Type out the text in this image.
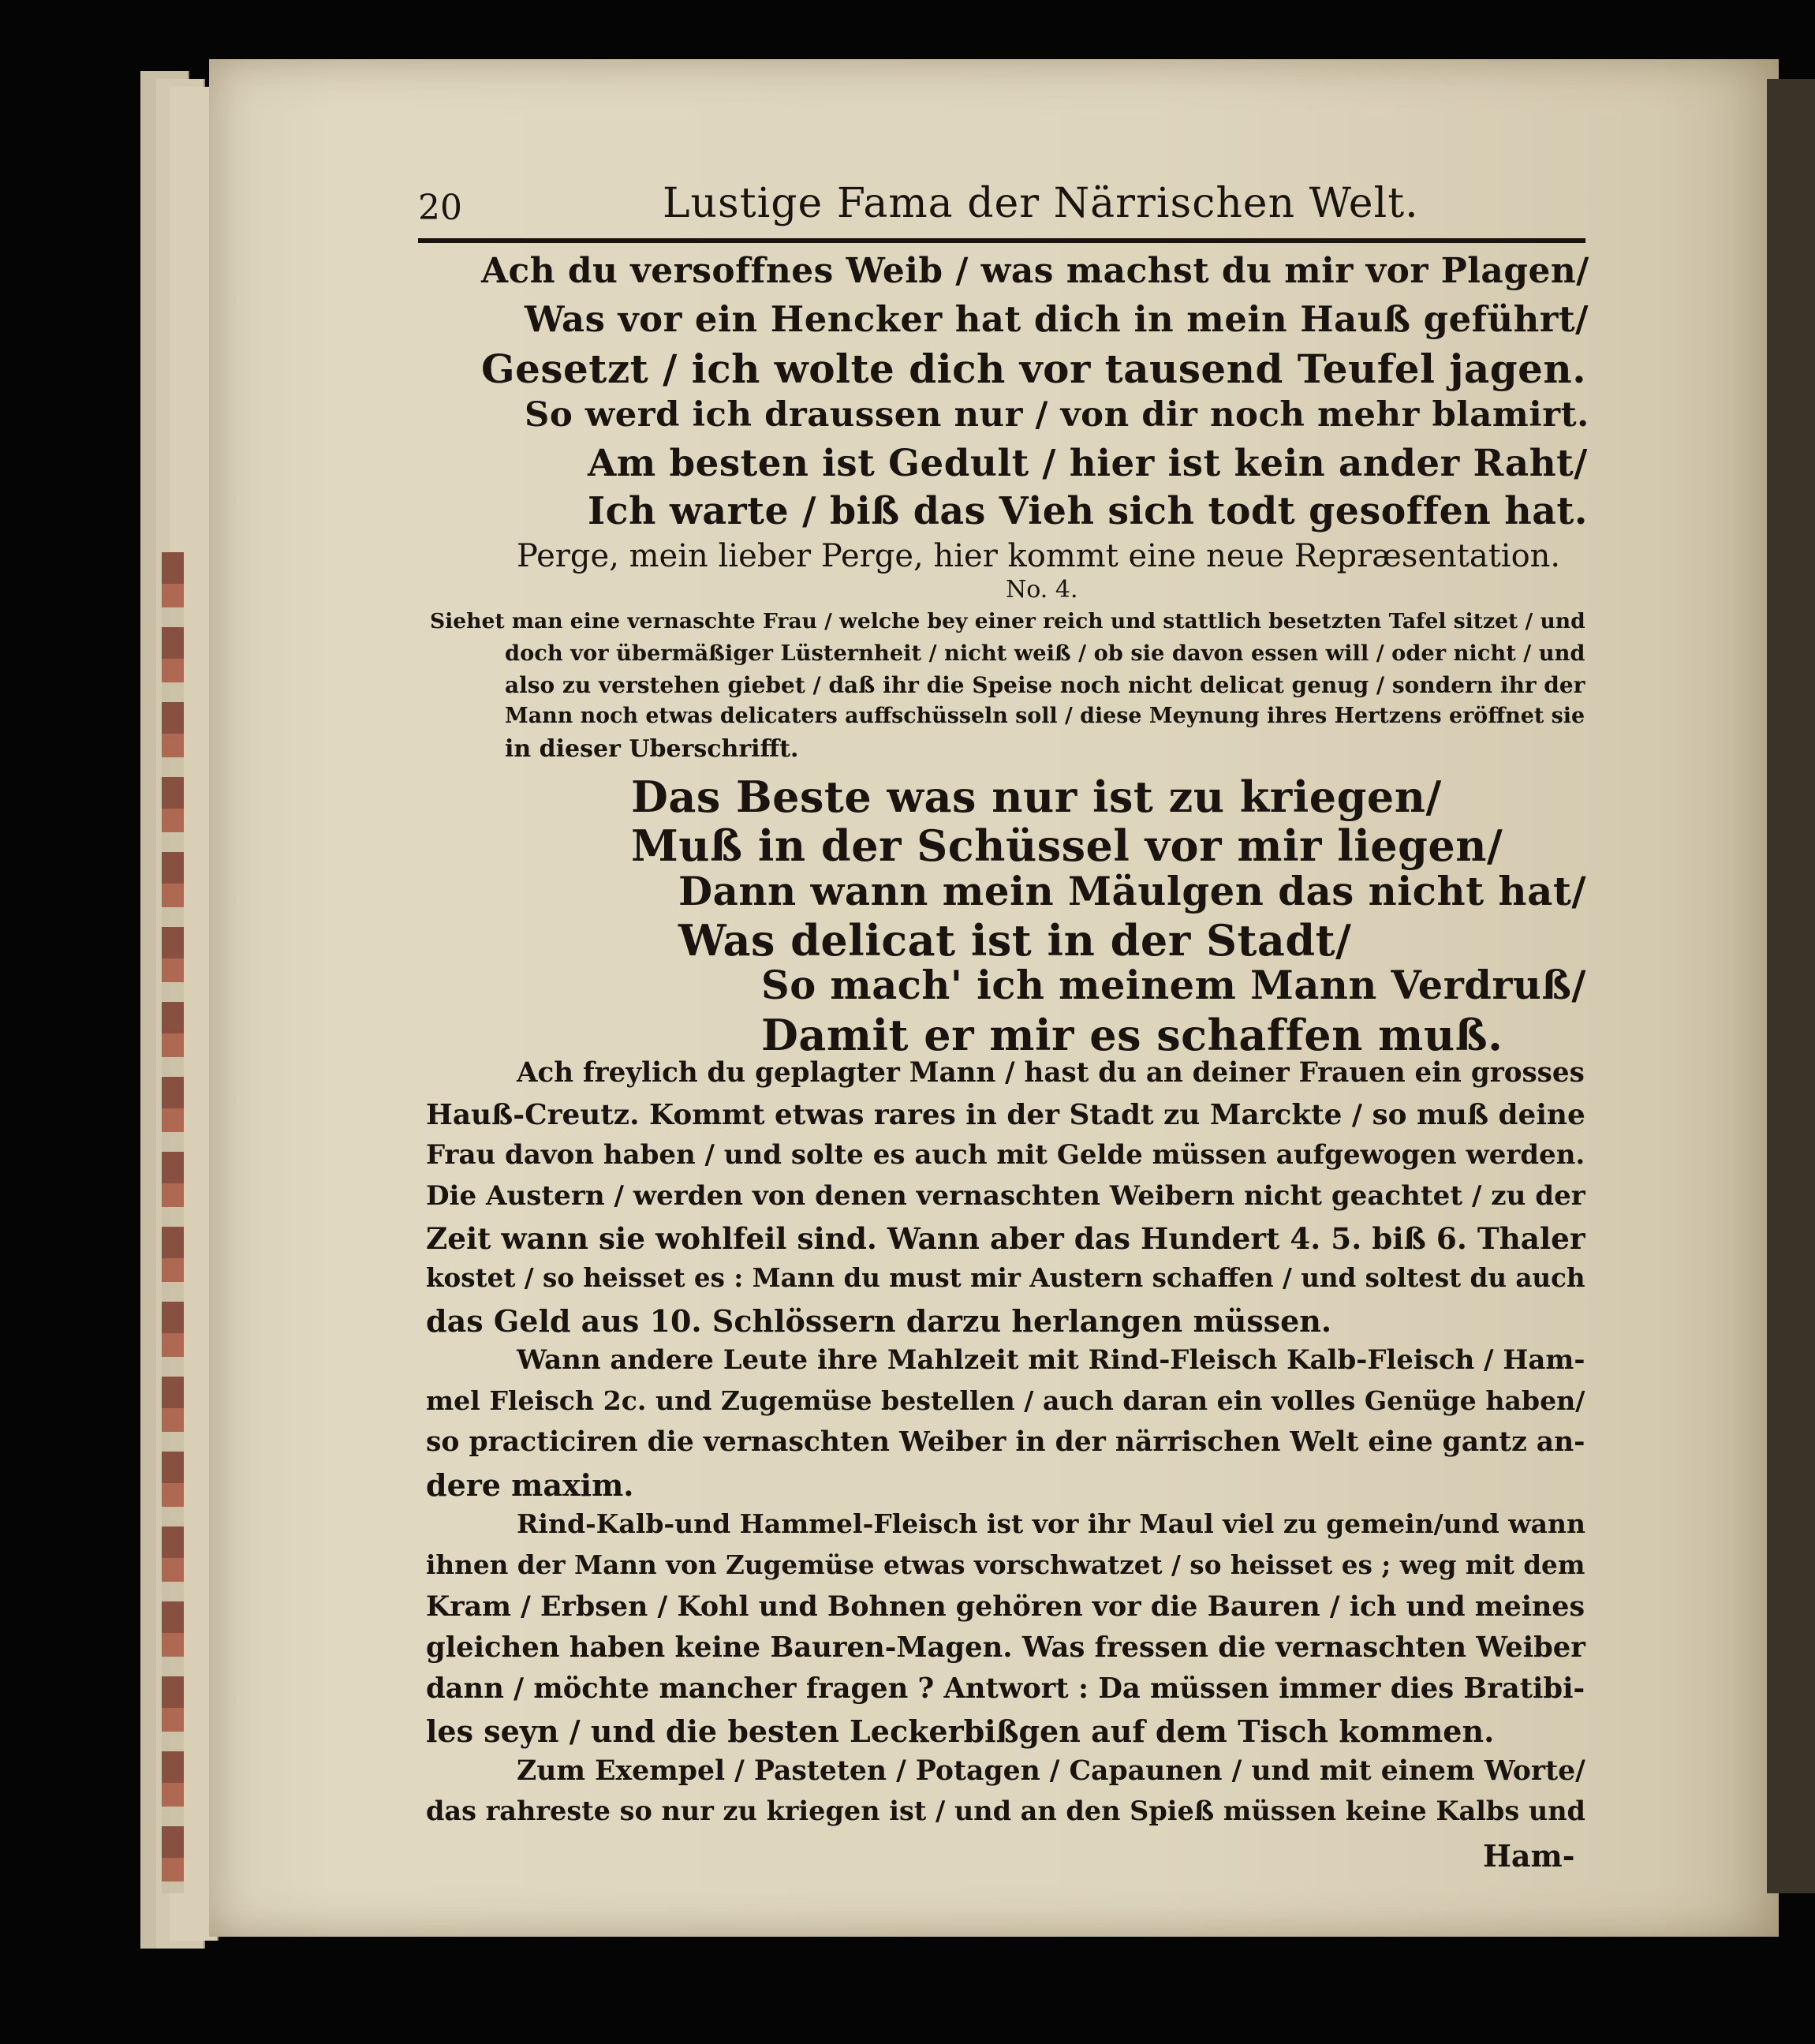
20	Lustige Fama der Närrischen Welt.
Ach du versoffnes Weib / was machst du mir vor Plagen/
Was vor ein Hencker hat dich in mein Hauß geführt/
Gesetzt / ich wolte dich vor tausend Teufel jagen.
So werd ich draussen nur / von dir noch mehr blamirt.
Am besten ist Gedult / hier ist kein ander Raht/
Ich warte / biß das Vieh sich todt gesoffen hat.
Perge, mein lieber Perge, hier kommt eine neue Repræsentation.
No. 4.
Siehet man eine vernaschte Frau / welche bey einer reich und stattlich besetzten Tafel sitzet / und
doch vor übermäßiger Lüsternheit / nicht weiß / ob sie davon essen will / oder nicht / und
also zu verstehen giebet / daß ihr die Speise noch nicht delicat genug / sondern ihr der
Mann noch etwas delicaters auffschüsseln soll / diese Meynung ihres Hertzens eröffnet sie
in dieser Uberschrifft.
Das Beste was nur ist zu kriegen/
Muß in der Schüssel vor mir liegen/
Dann wann mein Mäulgen das nicht hat/
Was delicat ist in der Stadt/
So mach' ich meinem Mann Verdruß/
Damit er mir es schaffen muß.
Ach freylich du geplagter Mann / hast du an deiner Frauen ein grosses
Hauß-Creutz. Kommt etwas rares in der Stadt zu Marckte / so muß deine
Frau davon haben / und solte es auch mit Gelde müssen aufgewogen werden.
Die Austern / werden von denen vernaschten Weibern nicht geachtet / zu der
Zeit wann sie wohlfeil sind. Wann aber das Hundert 4. 5. biß 6. Thaler
kostet / so heisset es : Mann du must mir Austern schaffen / und soltest du auch
das Geld aus 10. Schlössern darzu herlangen müssen.
Wann andere Leute ihre Mahlzeit mit Rind-Fleisch Kalb-Fleisch / Ham-
mel Fleisch 2c. und Zugemüse bestellen / auch daran ein volles Genüge haben/
so practiciren die vernaschten Weiber in der närrischen Welt eine gantz an-
dere maxim.
Rind-Kalb-und Hammel-Fleisch ist vor ihr Maul viel zu gemein/und wann
ihnen der Mann von Zugemüse etwas vorschwatzet / so heisset es ; weg mit dem
Kram / Erbsen / Kohl und Bohnen gehören vor die Bauren / ich und meines
gleichen haben keine Bauren-Magen. Was fressen die vernaschten Weiber
dann / möchte mancher fragen ? Antwort : Da müssen immer dies Bratibi-
les seyn / und die besten Leckerbißgen auf dem Tisch kommen.
Zum Exempel / Pasteten / Potagen / Capaunen / und mit einem Worte/
das rahreste so nur zu kriegen ist / und an den Spieß müssen keine Kalbs und
Ham-
